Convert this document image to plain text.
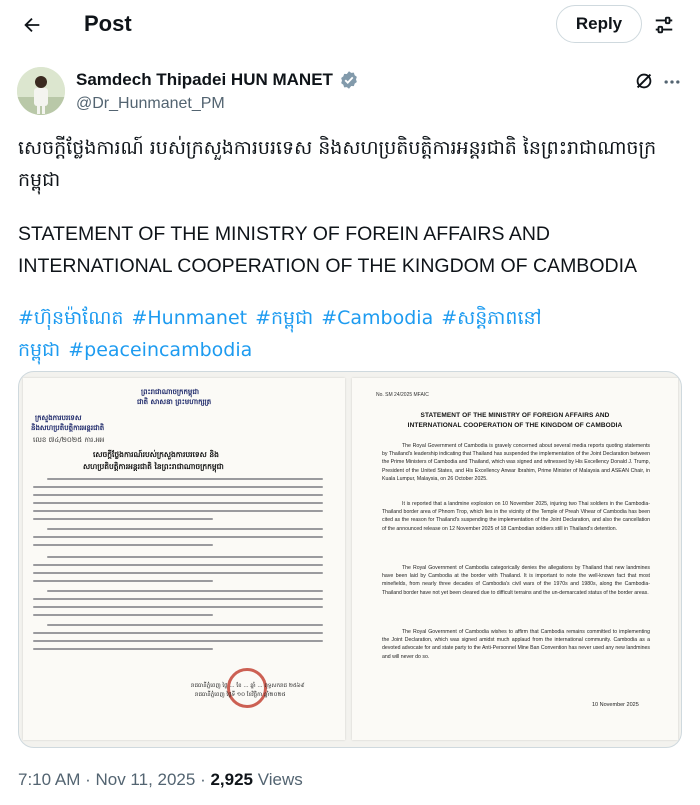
Post	Reply
Samdech Thipadei HUN MANET
@Dr_Hunmanet_PM
សេចក្ដីថ្លែងការណ៍ របស់ក្រសួងការបរទេស និងសហប្រតិបត្តិការអន្តរជាតិ នៃព្រះរាជាណាចក្រកម្ពុជា
STATEMENT OF THE MINISTRY OF FOREIN AFFAIRS AND INTERNATIONAL COOPERATION OF THE KINGDOM OF CAMBODIA
#ហ៊ុនម៉ាណែត #Hunmanet #កម្ពុជា #Cambodia #សន្តិភាពនៅកម្ពុជា #peaceincambodia
ព្រះរាជាណាចក្រកម្ពុជា
ជាតិ សាសនា ព្រះមហាក្សត្រ
ក្រសួងការបរទេស
និងសហប្រតិបត្តិការអន្តរជាតិ
លេខ ៧៤/២០២៥ ការ.អអ
សេចក្តីថ្លែងការណ៍របស់ក្រសួងការបរទេស និង
សហប្រតិបត្តិការអន្តរជាតិ នៃព្រះរាជាណាចក្រកម្ពុជា
រាជធានីភ្នំពេញ ថ្ងៃ ... ខែ ... ឆ្នាំ ... ពុទ្ធសករាជ ២៥៦៩
រាជធានីភ្នំពេញ ថ្ងៃទី ១០ ខែវិច្ឆិកា ឆ្នាំ២០២៥
No. SM 24/2025 MFAIC
STATEMENT OF THE MINISTRY OF FOREIGN AFFAIRS AND
INTERNATIONAL COOPERATION OF THE KINGDOM OF CAMBODIA
The Royal Government of Cambodia is gravely concerned about several media reports quoting statements by Thailand's leadership indicating that Thailand has suspended the implementation of the Joint Declaration between the Prime Ministers of Cambodia and Thailand, which was signed and witnessed by His Excellency Donald J. Trump, President of the United States, and His Excellency Anwar Ibrahim, Prime Minister of Malaysia and ASEAN Chair, in Kuala Lumpur, Malaysia, on 26 October 2025.
It is reported that a landmine explosion on 10 November 2025, injuring two Thai soldiers in the Cambodia-Thailand border area of Phnom Trop, which lies in the vicinity of the Temple of Preah Vihear of Cambodia has been cited as the reason for Thailand's suspending the implementation of the Joint Declaration, and also the cancellation of the announced release on 12 November 2025 of 18 Cambodian soldiers still in Thailand's detention.
The Royal Government of Cambodia categorically denies the allegations by Thailand that new landmines have been laid by Cambodia at the border with Thailand. It is important to note the well-known fact that most minefields, from nearly three decades of Cambodia's civil wars of the 1970s and 1980s, along the Cambodia-Thailand border have not yet been cleared due to difficult terrains and the un-demarcated status of the border areas.
The Royal Government of Cambodia wishes to affirm that Cambodia remains committed to implementing the Joint Declaration, which was signed amidst much applaud from the international community. Cambodia as a devoted advocate for and state party to the Anti-Personnel Mine Ban Convention has never used any new landmines and will never do so.
10 November 2025
7:10 AM · Nov 11, 2025 · 2,925 Views
